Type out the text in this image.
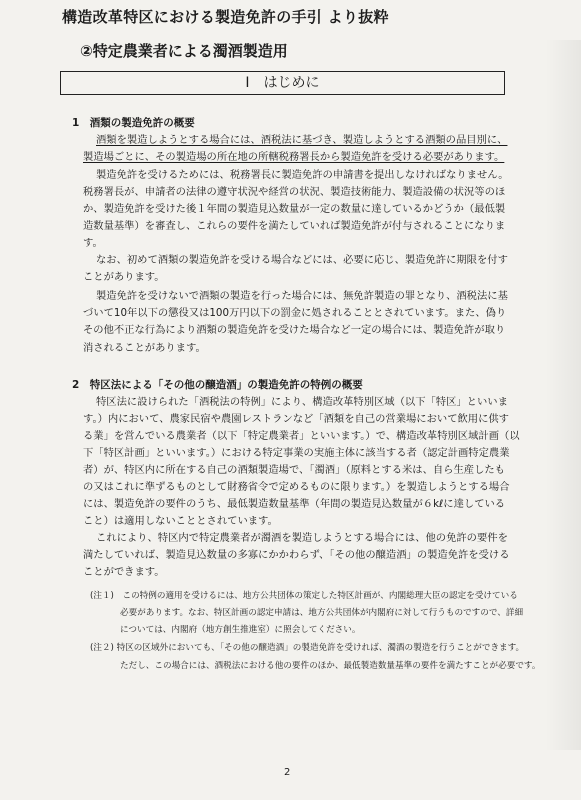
構造改革特区における製造免許の手引 より抜粋
②特定農業者による濁酒製造用
I　はじめに
1　酒類の製造免許の概要
酒類を製造しようとする場合には、酒税法に基づき、製造しようとする酒類の品目別に、
製造場ごとに、その製造場の所在地の所轄税務署長から製造免許を受ける必要があります。
製造免許を受けるためには、税務署長に製造免許の申請書を提出しなければなりません。
税務署長が、申請者の法律の遵守状況や経営の状況、製造技術能力、製造設備の状況等のほ
か、製造免許を受けた後１年間の製造見込数量が一定の数量に達しているかどうか（最低製
造数量基準）を審査し、これらの要件を満たしていれば製造免許が付与されることになりま
す。
なお、初めて酒類の製造免許を受ける場合などには、必要に応じ、製造免許に期限を付す
ことがあります。
製造免許を受けないで酒類の製造を行った場合には、無免許製造の罪となり、酒税法に基
づいて10年以下の懲役又は100万円以下の罰金に処されることとされています。また、偽り
その他不正な行為により酒類の製造免許を受けた場合など一定の場合には、製造免許が取り
消されることがあります。
2　特区法による「その他の醸造酒」の製造免許の特例の概要
特区法に設けられた「酒税法の特例」により、構造改革特別区域（以下「特区」といいま
す。）内において、農家民宿や農園レストランなど「酒類を自己の営業場において飲用に供す
る業」を営んでいる農業者（以下「特定農業者」といいます。）で、構造改革特別区域計画（以
下「特区計画」といいます。）における特定事業の実施主体に該当する者（認定計画特定農業
者）が、特区内に所在する自己の酒類製造場で、「濁酒」（原料とする米は、自ら生産したも
の又はこれに準ずるものとして財務省令で定めるものに限ります。）を製造しようとする場合
には、製造免許の要件のうち、最低製造数量基準（年間の製造見込数量が６kℓに達している
こと）は適用しないこととされています。
これにより、特区内で特定農業者が濁酒を製造しようとする場合には、他の免許の要件を
満たしていれば、製造見込数量の多寡にかかわらず、「その他の醸造酒」の製造免許を受ける
ことができます。
(注１)　この特例の適用を受けるには、地方公共団体の策定した特区計画が、内閣総理大臣の認定を受けている
必要があります。なお、特区計画の認定申請は、地方公共団体が内閣府に対して行うものですので、詳細
については、内閣府（地方創生推進室）に照会してください。
(注２) 特区の区域外においても、「その他の醸造酒」の製造免許を受ければ、濁酒の製造を行うことができます。
ただし、この場合には、酒税法における他の要件のほか、最低製造数量基準の要件を満たすことが必要です。
2
